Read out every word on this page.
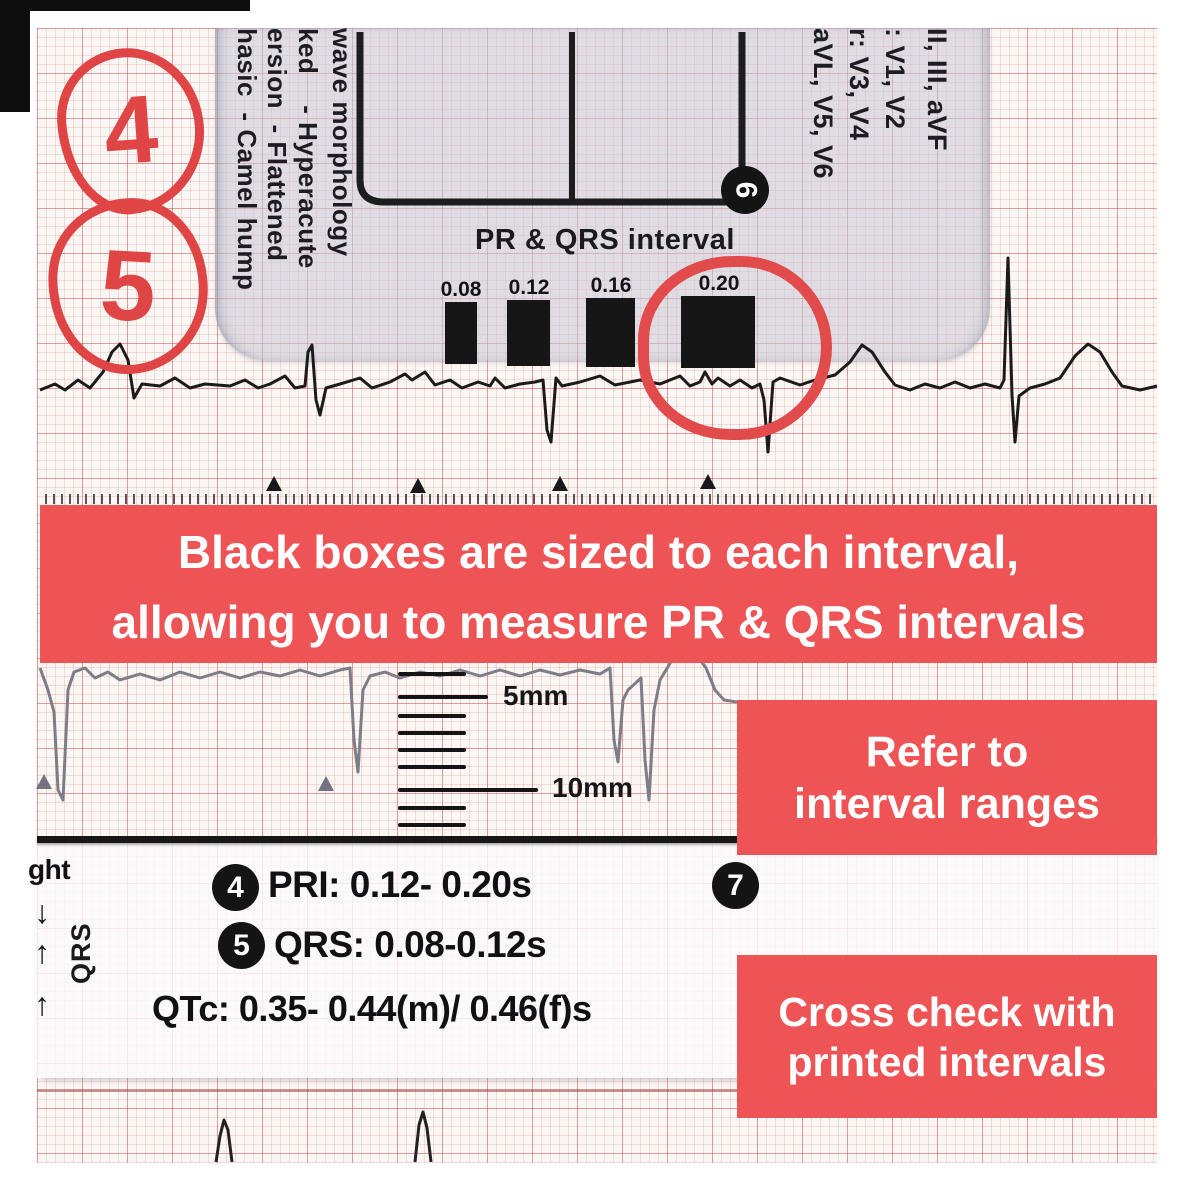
hasic  - Camel hump ersion  - Flattened ked    - Hyperacute wave morphology	aVL, V5, V6 r: V3, V4 : V1, V2 II, III, aVF
6
PR & QRS interval
0.08	0.12	0.16	0.20
4
5
Black boxes are sized to each interval,
allowing you to measure PR & QRS intervals
5mm
10mm
Refer to
interval ranges
Cross check with
printed intervals
ght
↓
↑
↑
QRS
4 PRI: 0.12- 0.20s
5 QRS: 0.08-0.12s
QTc: 0.35- 0.44(m)/ 0.46(f)s
7
